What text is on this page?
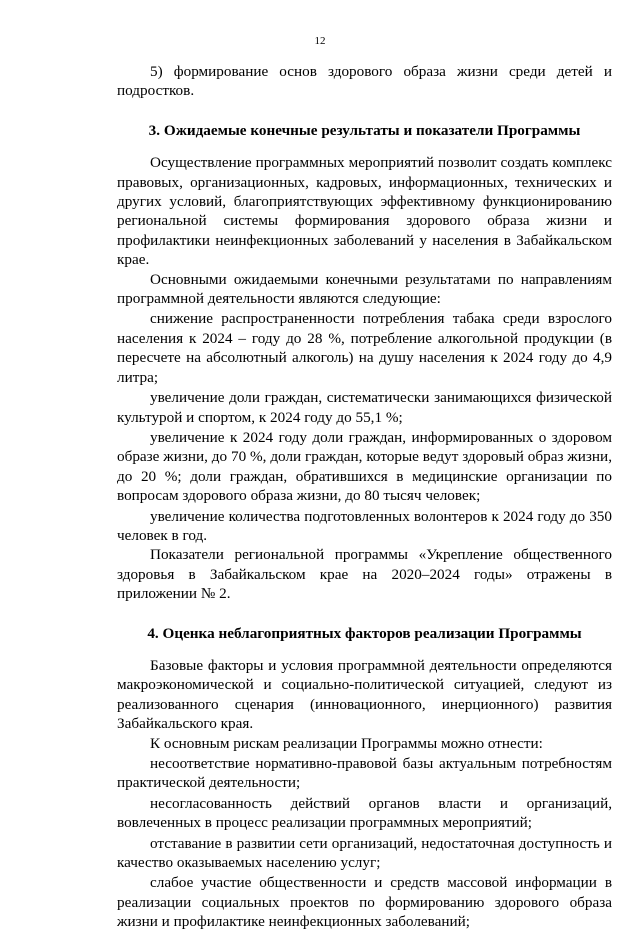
12

5) формирование основ здорового образа жизни среди детей и подростков.

3. Ожидаемые конечные результаты и показатели Программы

Осуществление программных мероприятий позволит создать комплекс правовых, организационных, кадровых, информационных, технических и других условий, благоприятствующих эффективному функционированию региональной системы формирования здорового образа жизни и профилактики неинфекционных заболеваний у населения в Забайкальском крае.

Основными ожидаемыми конечными результатами по направлениям программной деятельности являются следующие:

снижение распространенности потребления табака среди взрослого населения к 2024 – году до 28 %, потребление алкогольной продукции (в пересчете на абсолютный алкоголь) на душу населения к 2024 году до 4,9 литра;

увеличение доли граждан, систематически занимающихся физической культурой и спортом, к 2024 году до 55,1 %;

увеличение к 2024 году доли граждан, информированных о здоровом образе жизни, до 70 %, доли граждан, которые ведут здоровый образ жизни, до 20 %; доли граждан, обратившихся в медицинские организации по вопросам здорового образа жизни, до 80 тысяч человек;

увеличение количества подготовленных волонтеров к 2024 году до 350 человек в год.

Показатели региональной программы «Укрепление общественного здоровья в Забайкальском крае на 2020–2024 годы» отражены в приложении № 2.

4. Оценка неблагоприятных факторов реализации Программы

Базовые факторы и условия программной деятельности определяются макроэкономической и социально-политической ситуацией, следуют из реализованного сценария (инновационного, инерционного) развития Забайкальского края.

К основным рискам реализации Программы можно отнести:

несоответствие нормативно-правовой базы актуальным потребностям практической деятельности;

несогласованность действий органов власти и организаций, вовлеченных в процесс реализации программных мероприятий;

отставание в развитии сети организаций, недостаточная доступность и качество оказываемых населению услуг;

слабое участие общественности и средств массовой информации в реализации социальных проектов по формированию здорового образа жизни и профилактике неинфекционных заболеваний;
